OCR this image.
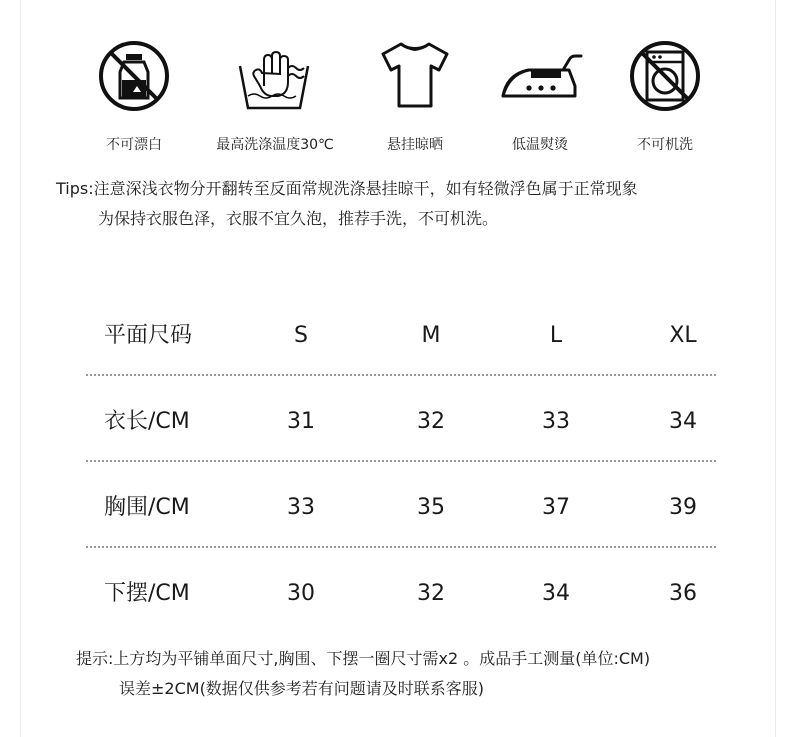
不可漂白	最高洗涤温度30℃	悬挂晾晒	低温熨烫	不可机洗
Tips:注意深浅衣物分开翻转至反面常规洗涤悬挂晾干，如有轻微浮色属于正常现象
为保持衣服色泽，衣服不宜久泡，推荐手洗，不可机洗。
平面尺码	S	M	L	XL
衣长/CM	31	32	33	34
胸围/CM	33	35	37	39
下摆/CM	30	32	34	36
提示:上方均为平铺单面尺寸,胸围、下摆一圈尺寸需x2 。成品手工测量(单位:CM)
误差±2CM(数据仅供参考若有问题请及时联系客服)
